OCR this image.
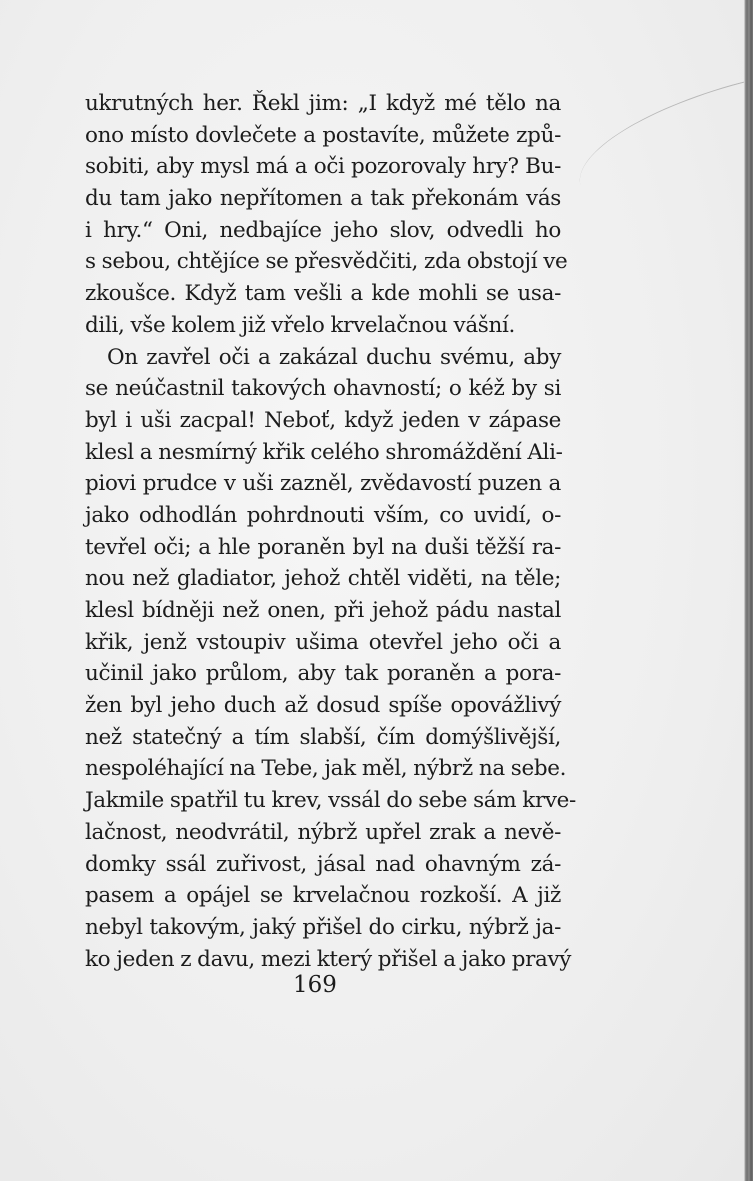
ukrutných her. Řekl jim: „I když mé tělo na
ono místo dovlečete a postavíte, můžete způ-
sobiti, aby mysl má a oči pozorovaly hry? Bu-
du tam jako nepřítomen a tak překonám vás
i hry.“ Oni, nedbajíce jeho slov, odvedli ho
s sebou, chtějíce se přesvědčiti, zda obstojí ve
zkoušce. Když tam vešli a kde mohli se usa-
dili, vše kolem již vřelo krvelačnou vášní.
On zavřel oči a zakázal duchu svému, aby
se neúčastnil takových ohavností; o kéž by si
byl i uši zacpal! Neboť, když jeden v zápase
klesl a nesmírný křik celého shromáždění Ali-
piovi prudce v uši zazněl, zvědavostí puzen a
jako odhodlán pohrdnouti vším, co uvidí, o-
tevřel oči; a hle poraněn byl na duši těžší ra-
nou než gladiator, jehož chtěl viděti, na těle;
klesl bídněji než onen, při jehož pádu nastal
křik, jenž vstoupiv ušima otevřel jeho oči a
učinil jako průlom, aby tak poraněn a pora-
žen byl jeho duch až dosud spíše opovážlivý
než statečný a tím slabší, čím domýšlivější,
nespoléhající na Tebe, jak měl, nýbrž na sebe.
Jakmile spatřil tu krev, vssál do sebe sám krve-
lačnost, neodvrátil, nýbrž upřel zrak a nevě-
domky ssál zuřivost, jásal nad ohavným zá-
pasem a opájel se krvelačnou rozkoší. A již
nebyl takovým, jaký přišel do cirku, nýbrž ja-
ko jeden z davu, mezi který přišel a jako pravý
169
